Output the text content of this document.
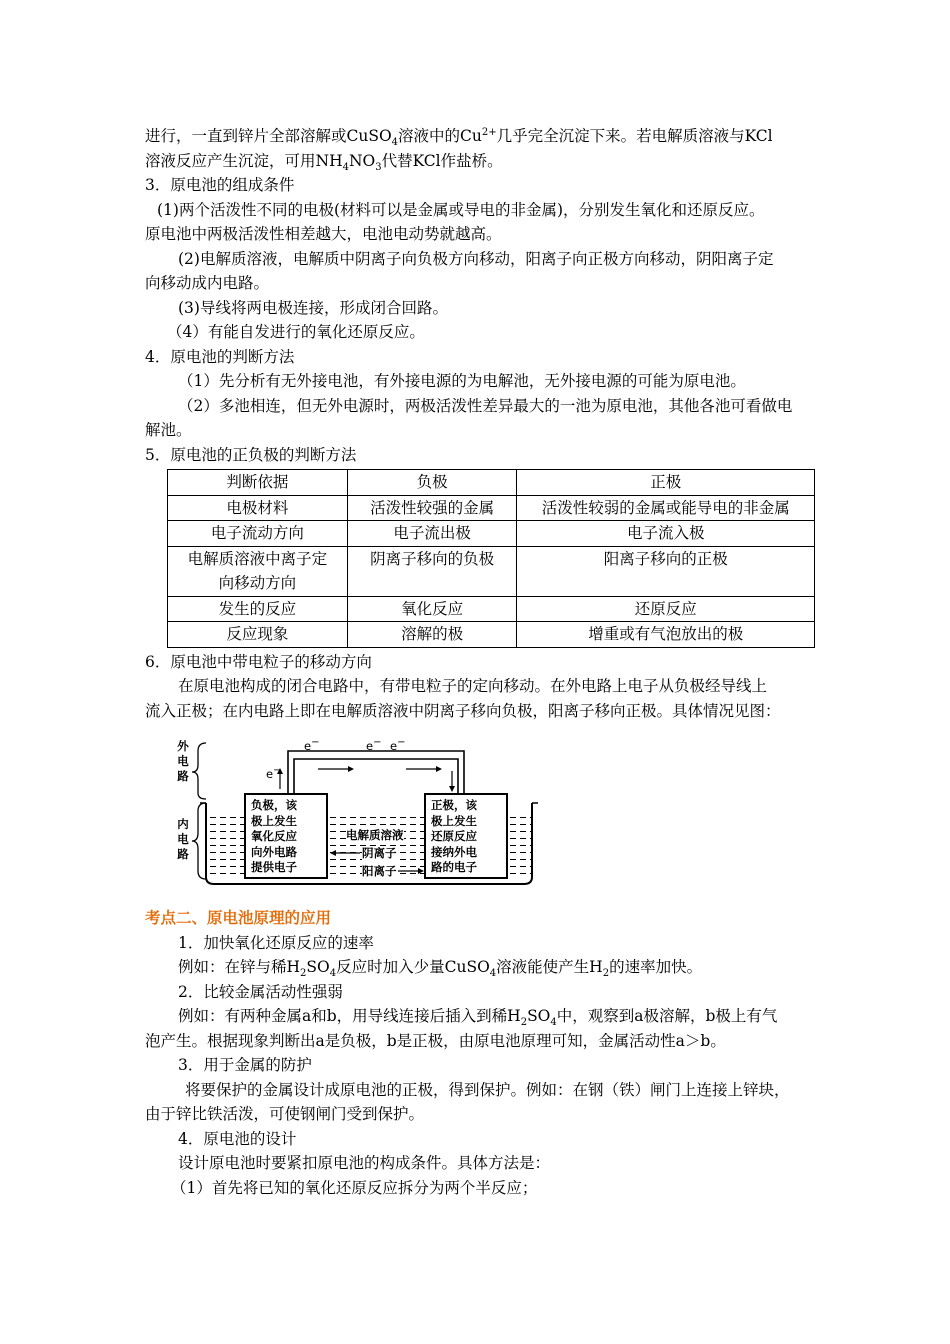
进行，一直到锌片全部溶解或CuSO$_4$溶液中的$Cu^{2+}$几乎完全沉淀下来。若电解质溶液与KCl

溶液反应产生沉淀，可用$NH_4NO_3$代替KCl作盐桥。

3．原电池的组成条件

(1)两个活泼性不同的电极(材料可以是金属或导电的非金属)，分别发生氧化和还原反应。

原电池中两极活泼性相差越大，电池电动势就越高。

(2)电解质溶液，电解质中阴离子向负极方向移动，阳离子向正极方向移动，阴阳离子定

向移动成内电路。

(3)导线将两电极连接，形成闭合回路。

（4）有能自发进行的氧化还原反应。

4．原电池的判断方法

（1）先分析有无外接电池，有外接电源的为电解池，无外接电源的可能为原电池。

（2）多池相连，但无外电源时，两极活泼性差异最大的一池为原电池，其他各池可看做电

解池。

5．原电池的正负极的判断方法

判断依据	负极	正极
电极材料	活泼性较强的金属	活泼性较弱的金属或能导电的非金属
电子流动方向	电子流出极	电子流入极
电解质溶液中离子定向移动方向	阴离子移向的负极	阳离子移向的正极
发生的反应	氧化反应	还原反应
反应现象	溶解的极	增重或有气泡放出的极

6．原电池中带电粒子的移动方向

在原电池构成的闭合电路中，有带电粒子的定向移动。在外电路上电子从负极经导线上

流入正极；在内电路上即在电解质溶液中阴离子移向负极，阳离子移向正极。具体情况见图：

外电路
内电路
e−
e−	e−
e−
负极，该
极上发生
氧化反应
向外电路
提供电子
正极，该
极上发生
还原反应
接纳外电
路的电子
电解质溶液
阴离子
阳离子

考点二、原电池原理的应用

1．加快氧化还原反应的速率

例如：在锌与稀$H_2SO_4$反应时加入少量CuSO$_4$溶液能使产生$H_2$的速率加快。

2．比较金属活动性强弱

例如：有两种金属a和b，用导线连接后插入到稀$H_2SO_4$中，观察到a极溶解，b极上有气

泡产生。根据现象判断出a是负极，b是正极，由原电池原理可知，金属活动性a＞b。

3．用于金属的防护

将要保护的金属设计成原电池的正极，得到保护。例如：在钢（铁）闸门上连接上锌块，

由于锌比铁活泼，可使钢闸门受到保护。

4．原电池的设计

设计原电池时要紧扣原电池的构成条件。具体方法是：

（1）首先将已知的氧化还原反应拆分为两个半反应；
